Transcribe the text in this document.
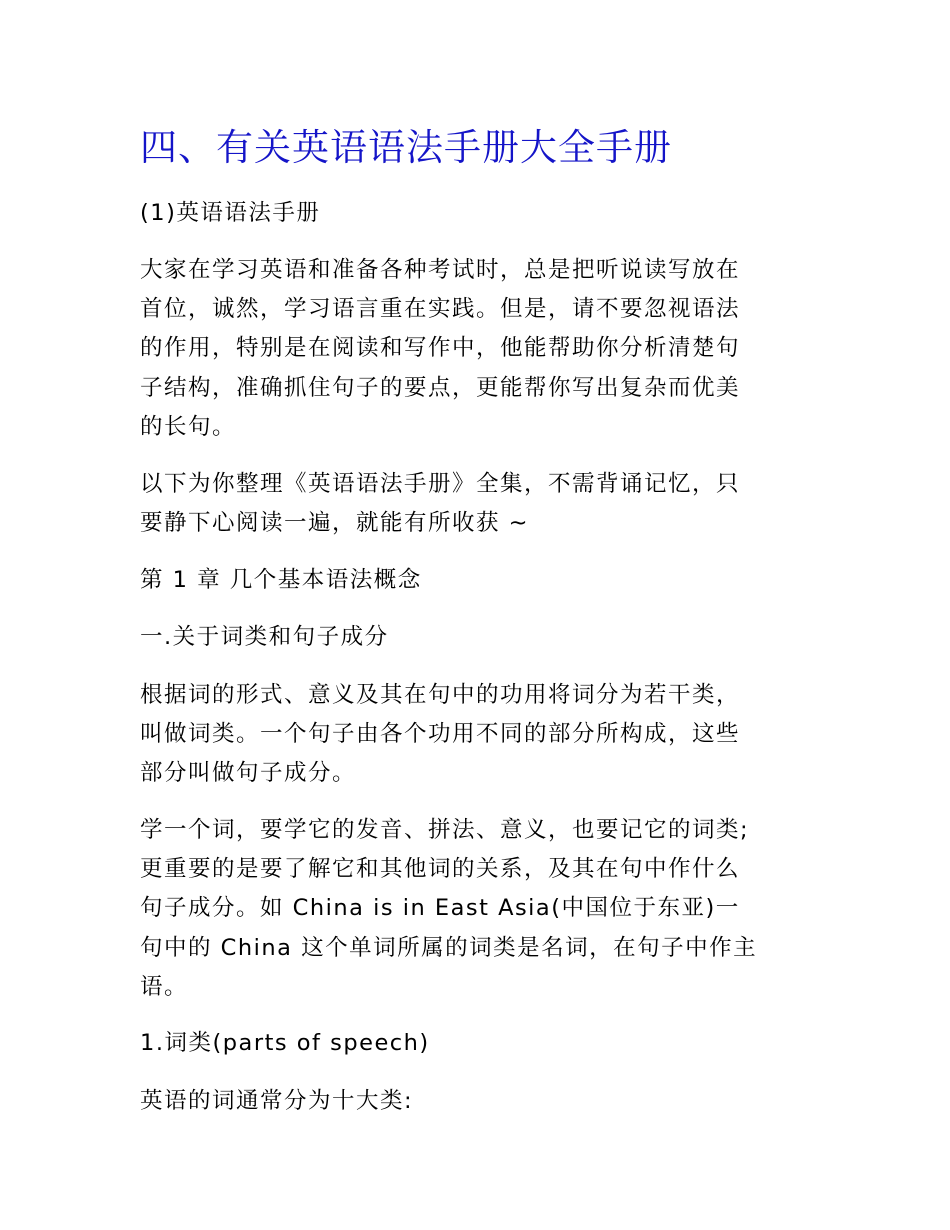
四、有关英语语法手册大全手册

(1)英语语法手册

大家在学习英语和准备各种考试时，总是把听说读写放在
首位，诚然，学习语言重在实践。但是，请不要忽视语法
的作用，特别是在阅读和写作中，他能帮助你分析清楚句
子结构，准确抓住句子的要点，更能帮你写出复杂而优美
的长句。
以下为你整理《英语语法手册》全集，不需背诵记忆，只
要静下心阅读一遍，就能有所收获 ~

第 1 章 几个基本语法概念

一.关于词类和句子成分

根据词的形式、意义及其在句中的功用将词分为若干类，
叫做词类。一个句子由各个功用不同的部分所构成，这些
部分叫做句子成分。
学一个词，要学它的发音、拼法、意义，也要记它的词类;
更重要的是要了解它和其他词的关系，及其在句中作什么
句子成分。如 China is in East Asia(中国位于东亚)一
句中的 China 这个单词所属的词类是名词，在句子中作主
语。

1.词类(parts of speech)

英语的词通常分为十大类:
